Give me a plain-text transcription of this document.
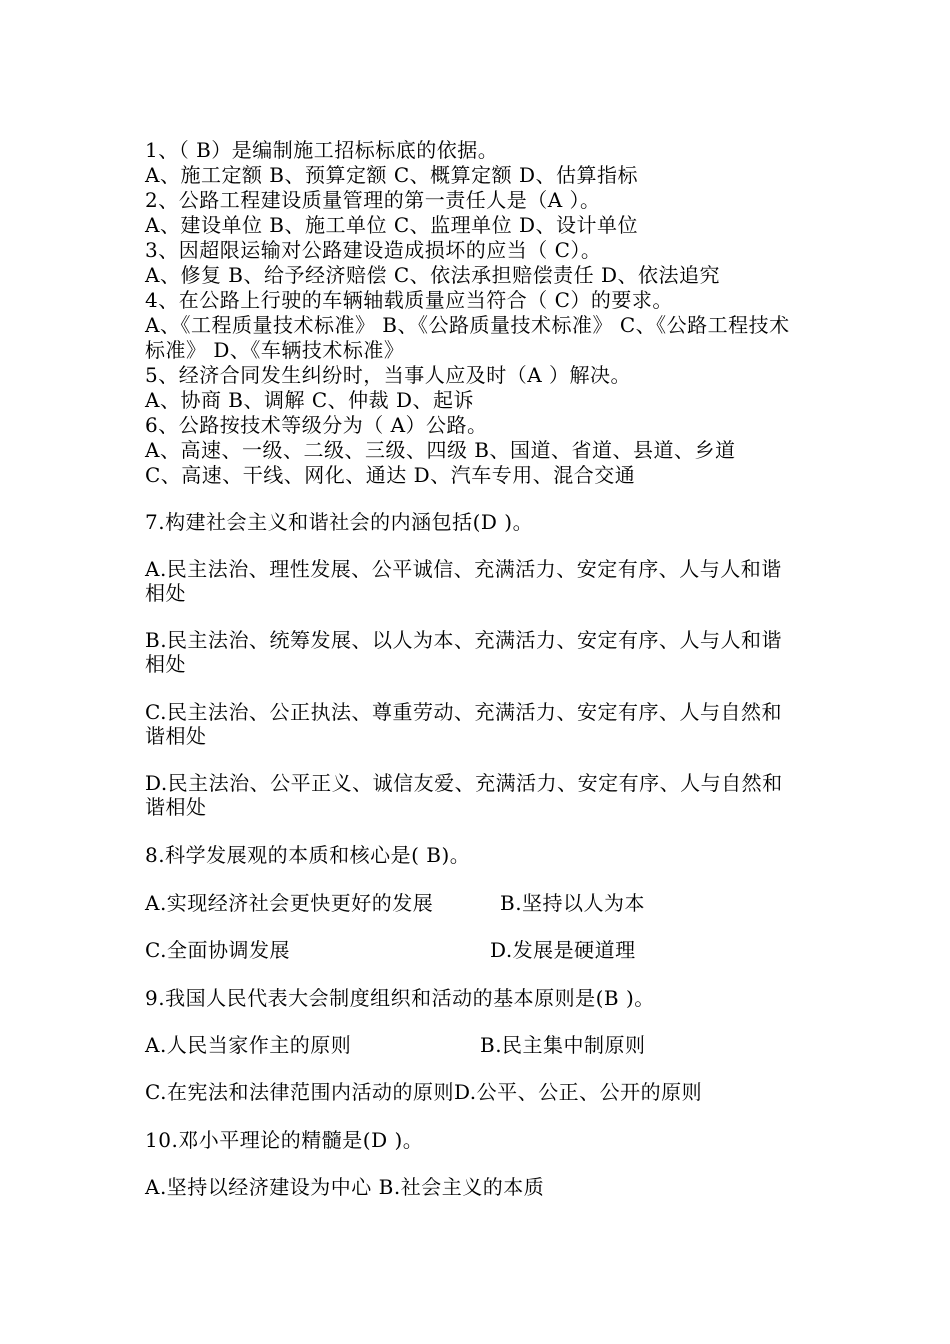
1、（ B）是编制施工招标标底的依据。

A、施工定额 B、预算定额 C、概算定额 D、估算指标

2、公路工程建设质量管理的第一责任人是（A ）。

A、建设单位 B、施工单位 C、监理单位 D、设计单位

3、因超限运输对公路建设造成损坏的应当（ C）。

A、修复 B、给予经济赔偿 C、依法承担赔偿责任 D、依法追究

4、在公路上行驶的车辆轴载质量应当符合（ C）的要求。

A、《工程质量技术标准》 B、《公路质量技术标准》 C、《公路工程技术

标准》 D、《车辆技术标准》

5、经济合同发生纠纷时，当事人应及时（A ）解决。

A、协商 B、调解 C、仲裁 D、起诉

6、公路按技术等级分为（ A）公路。

A、高速、一级、二级、三级、四级 B、国道、省道、县道、乡道

C、高速、干线、网化、通达 D、汽车专用、混合交通

7.构建社会主义和谐社会的内涵包括(D )。

A.民主法治、理性发展、公平诚信、充满活力、安定有序、人与人和谐

相处

B.民主法治、统筹发展、以人为本、充满活力、安定有序、人与人和谐

相处

C.民主法治、公正执法、尊重劳动、充满活力、安定有序、人与自然和

谐相处

D.民主法治、公平正义、诚信友爱、充满活力、安定有序、人与自然和

谐相处

8.科学发展观的本质和核心是( B)。

A.实现经济社会更快更好的发展	B.坚持以人为本

C.全面协调发展	D.发展是硬道理

9.我国人民代表大会制度组织和活动的基本原则是(B )。

A.人民当家作主的原则	B.民主集中制原则

C.在宪法和法律范围内活动的原则D.公平、公正、公开的原则

10.邓小平理论的精髓是(D )。

A.坚持以经济建设为中心 B.社会主义的本质
